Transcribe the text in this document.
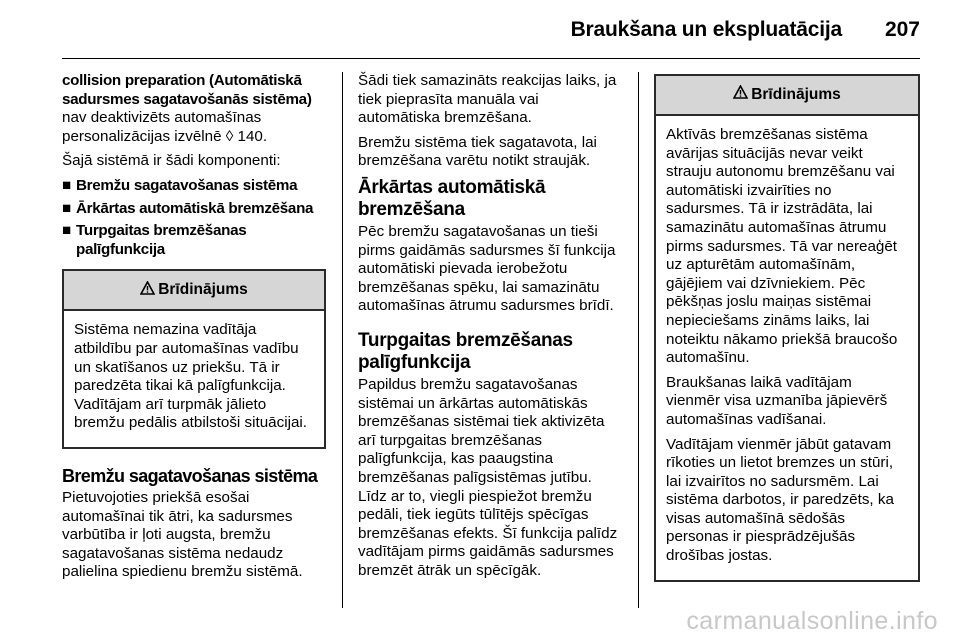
Braukšana un ekspluatācija 207

collision preparation (Automātiskā sadursmes sagatavošanās sistēma) nav deaktivizēts automašīnas personalizācijas izvēlnē ◊ 140.

Šajā sistēmā ir šādi komponenti:

■ Bremžu sagatavošanas sistēma
■ Ārkārtas automātiskā bremzēšana
■ Turpgaitas bremzēšanas palīgfunkcija
Brīdinājums

Sistēma nemazina vadītāja atbildību par automašīnas vadību un skatīšanos uz priekšu. Tā ir paredzēta tikai kā palīgfunkcija. Vadītājam arī turpmāk jālieto bremžu pedālis atbilstoši situācijai.

Bremžu sagatavošanas sistēma

Pietuvojoties priekšā esošai automašīnai tik ātri, ka sadursmes varbūtība ir ļoti augsta, bremžu sagatavošanas sistēma nedaudz palielina spiedienu bremžu sistēmā.

Šādi tiek samazināts reakcijas laiks, ja tiek pieprasīta manuāla vai automātiska bremzēšana.

Bremžu sistēma tiek sagatavota, lai bremzēšana varētu notikt straujāk.

Ārkārtas automātiskā bremzēšana

Pēc bremžu sagatavošanas un tieši pirms gaidāmās sadursmes šī funkcija automātiski pievada ierobežotu bremzēšanas spēku, lai samazinātu automašīnas ātrumu sadursmes brīdī.

Turpgaitas bremzēšanas palīgfunkcija

Papildus bremžu sagatavošanas sistēmai un ārkārtas automātiskās bremzēšanas sistēmai tiek aktivizēta arī turpgaitas bremzēšanas palīgfunkcija, kas paaugstina bremzēšanas palīgsistēmas jutību. Līdz ar to, viegli piespiežot bremžu pedāli, tiek iegūts tūlītējs spēcīgas bremzēšanas efekts. Šī funkcija palīdz vadītājam pirms gaidāmās sadursmes bremzēt ātrāk un spēcīgāk.

Brīdinājums

Aktīvās bremzēšanas sistēma avārijas situācijās nevar veikt strauju autonomu bremzēšanu vai automātiski izvairīties no sadursmes. Tā ir izstrādāta, lai samazinātu automašīnas ātrumu pirms sadursmes. Tā var nereaģēt uz apturētām automašīnām, gājējiem vai dzīvniekiem. Pēc pēkšņas joslu maiņas sistēmai nepieciešams zināms laiks, lai noteiktu nākamo priekšā braucošo automašīnu.

Braukšanas laikā vadītājam vienmēr visa uzmanība jāpievērš automašīnas vadīšanai.

Vadītājam vienmēr jābūt gatavam rīkoties un lietot bremzes un stūri, lai izvairītos no sadursmēm. Lai sistēma darbotos, ir paredzēts, ka visas automašīnā sēdošās personas ir piesprādzējušās drošības jostas.

carmanualsonline.info
